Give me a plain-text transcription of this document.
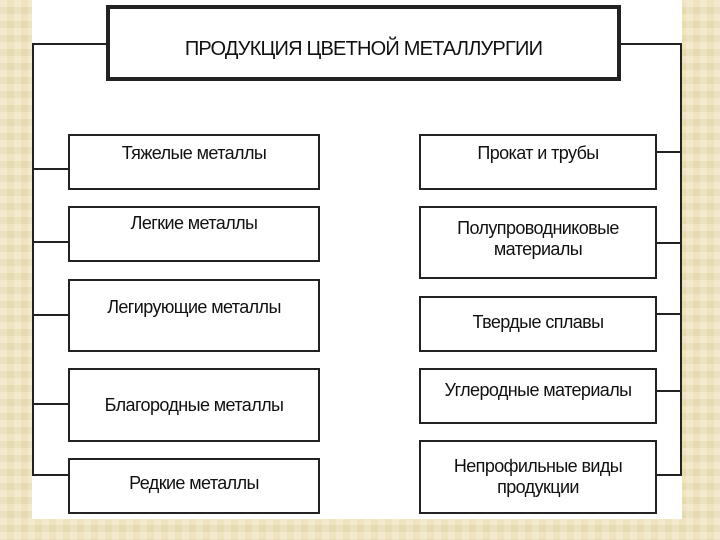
ПРОДУКЦИЯ ЦВЕТНОЙ МЕТАЛЛУРГИИ
Тяжелые металлы
Легкие металлы
Легирующие металлы
Благородные металлы
Редкие металлы
Прокат и трубы
Полупроводниковые материалы
Твердые сплавы
Углеродные материалы
Непрофильные виды продукции
